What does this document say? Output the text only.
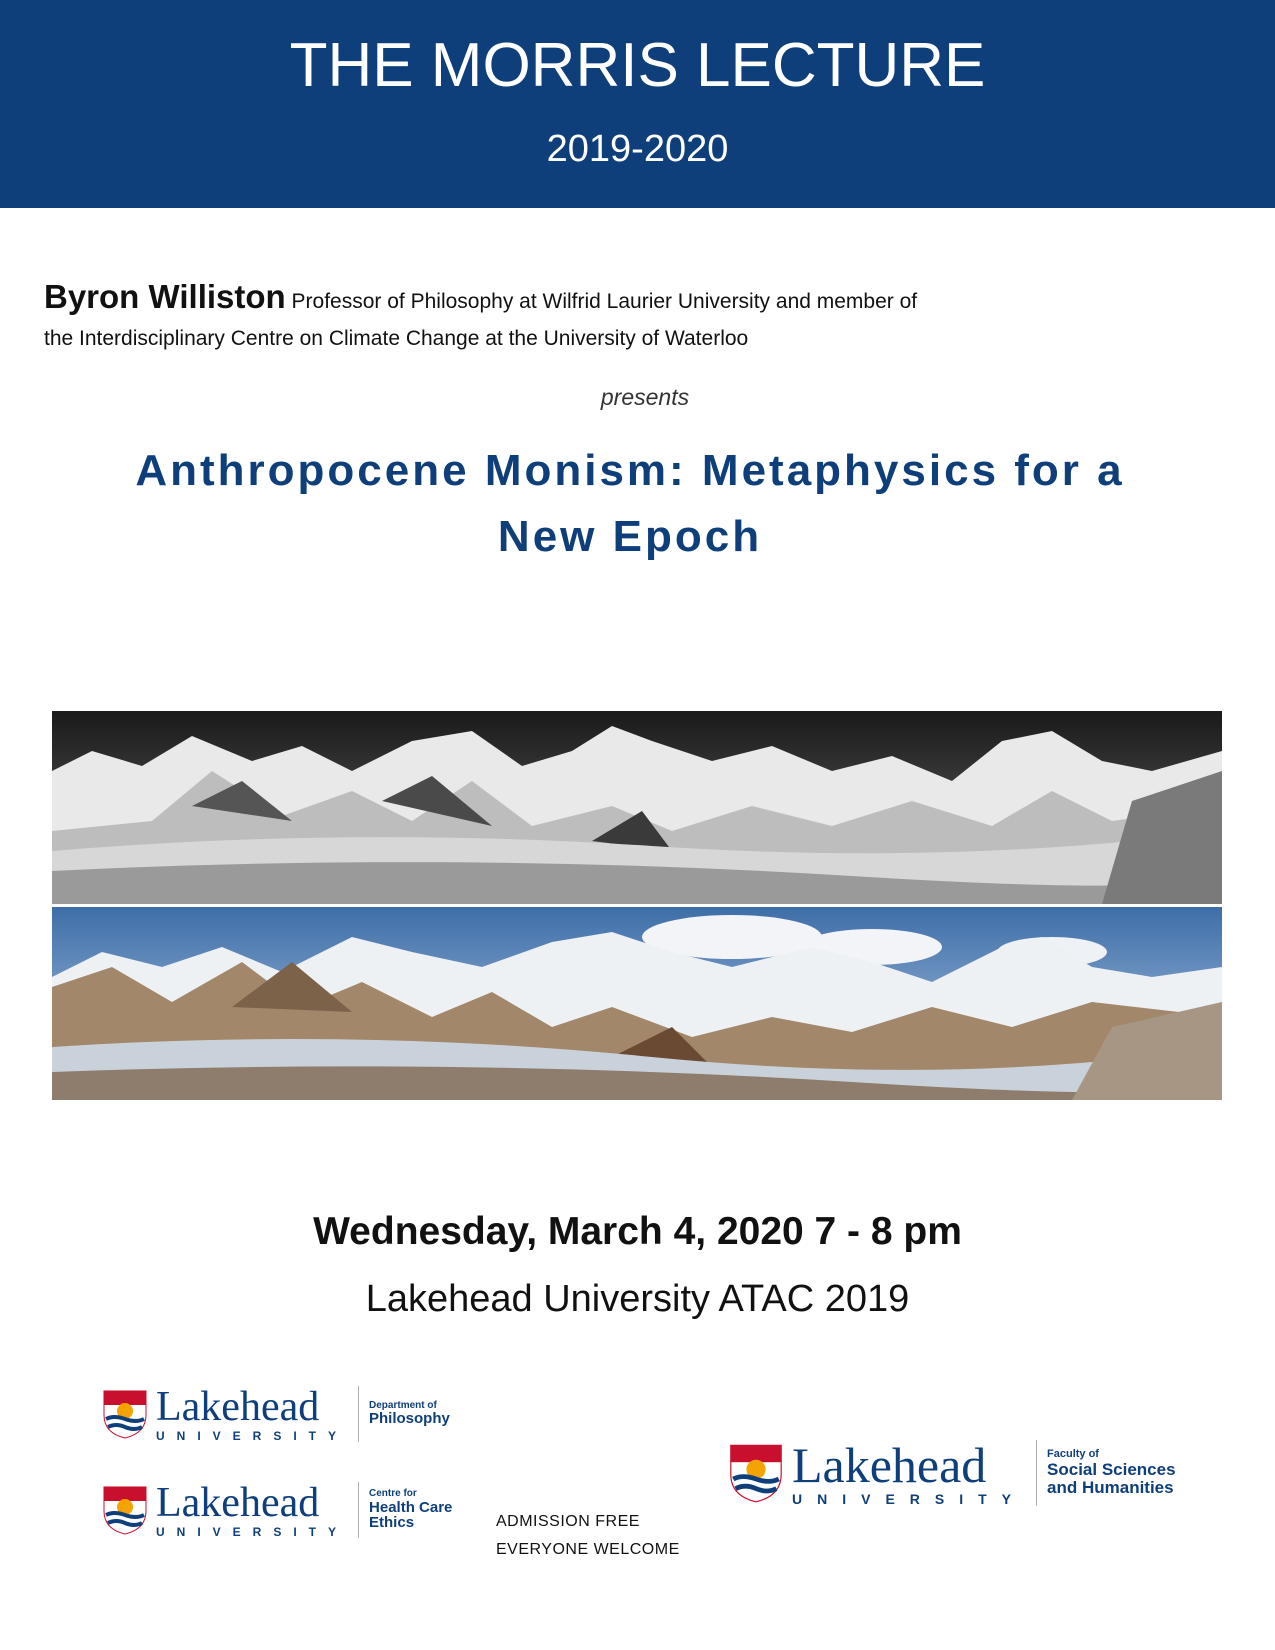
THE MORRIS LECTURE
2019-2020
Byron Williston Professor of Philosophy at Wilfrid Laurier University and member of
the Interdisciplinary Centre on Climate Change at the University of Waterloo
presents
Anthropocene Monism: Metaphysics for a
New Epoch
Wednesday, March 4, 2020 7 - 8 pm
Lakehead University ATAC 2019
Lakehead
UNIVERSITY
Department of
Philosophy
Lakehead
UNIVERSITY
Centre for
Health Care
Ethics
Lakehead
UNIVERSITY
Faculty of
Social Sciences
and Humanities
ADMISSION FREE
EVERYONE WELCOME
